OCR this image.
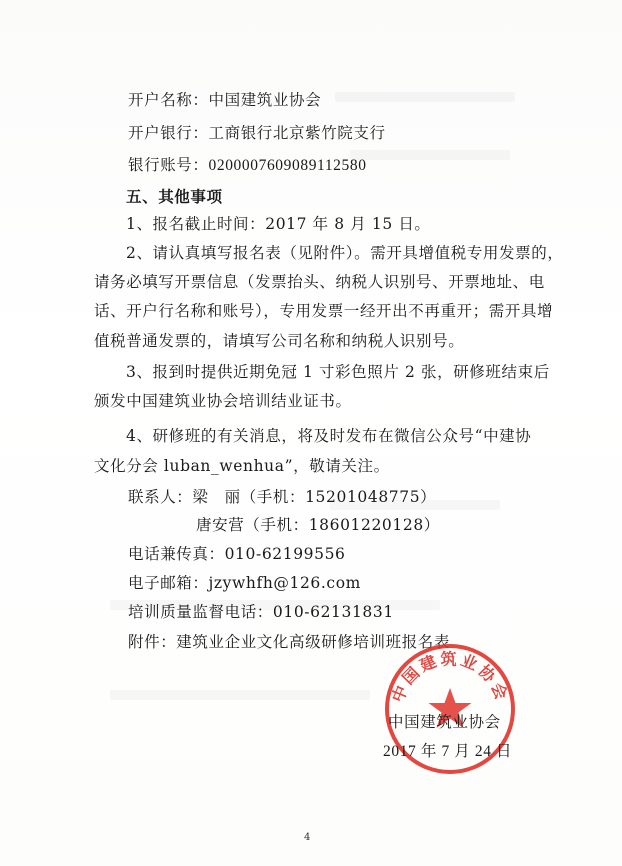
开户名称：中国建筑业协会
开户银行：工商银行北京紫竹院支行
银行账号：0200007609089112580
五、其他事项
1、报名截止时间：2017 年 8 月 15 日。
2、请认真填写报名表（见附件）。需开具增值税专用发票的，
请务必填写开票信息（发票抬头、纳税人识别号、开票地址、电
话、开户行名称和账号），专用发票一经开出不再重开；需开具增
值税普通发票的，请填写公司名称和纳税人识别号。
3、报到时提供近期免冠 1 寸彩色照片 2 张，研修班结束后
颁发中国建筑业协会培训结业证书。
4、研修班的有关消息，将及时发布在微信公众号“中建协
文化分会 luban_wenhua”，敬请关注。
联系人：梁　丽（手机：15201048775）
唐安营（手机：18601220128）
电话兼传真：010-62199556
电子邮箱：jzywhfh@126.com
培训质量监督电话：010-62131831
附件：建筑业企业文化高级研修培训班报名表
中国建筑业协会
中国建筑业协会
2017 年 7 月 24 日
4
